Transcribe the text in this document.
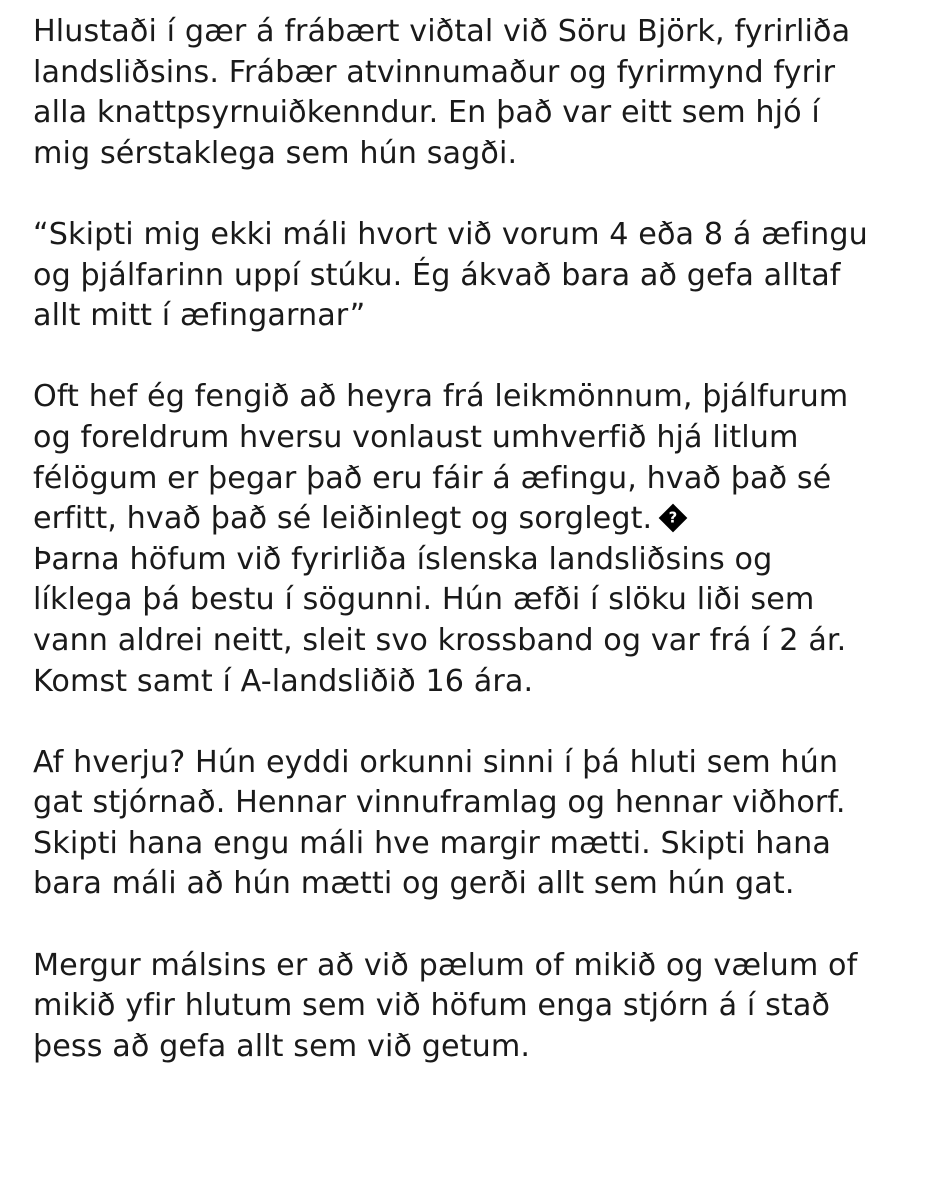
Hlustaði í gær á frábært viðtal við Söru Björk, fyrirliða
landsliðsins. Frábær atvinnumaður og fyrirmynd fyrir
alla knattpsyrnuiðkenndur. En það var eitt sem hjó í
mig sérstaklega sem hún sagði.

“Skipti mig ekki máli hvort við vorum 4 eða 8 á æfingu
og þjálfarinn uppí stúku. Ég ákvað bara að gefa alltaf
allt mitt í æfingarnar”

Oft hef ég fengið að heyra frá leikmönnum, þjálfurum
og foreldrum hversu vonlaust umhverfið hjá litlum
félögum er þegar það eru fáir á æfingu, hvað það sé
erfitt, hvað það sé leiðinlegt og sorglegt.?
Þarna höfum við fyrirliða íslenska landsliðsins og
líklega þá bestu í sögunni. Hún æfði í slöku liði sem
vann aldrei neitt, sleit svo krossband og var frá í 2 ár.
Komst samt í A-landsliðið 16 ára.

Af hverju? Hún eyddi orkunni sinni í þá hluti sem hún
gat stjórnað. Hennar vinnuframlag og hennar viðhorf.
Skipti hana engu máli hve margir mætti. Skipti hana
bara máli að hún mætti og gerði allt sem hún gat.

Mergur málsins er að við pælum of mikið og vælum of
mikið yfir hlutum sem við höfum enga stjórn á í stað
þess að gefa allt sem við getum.
